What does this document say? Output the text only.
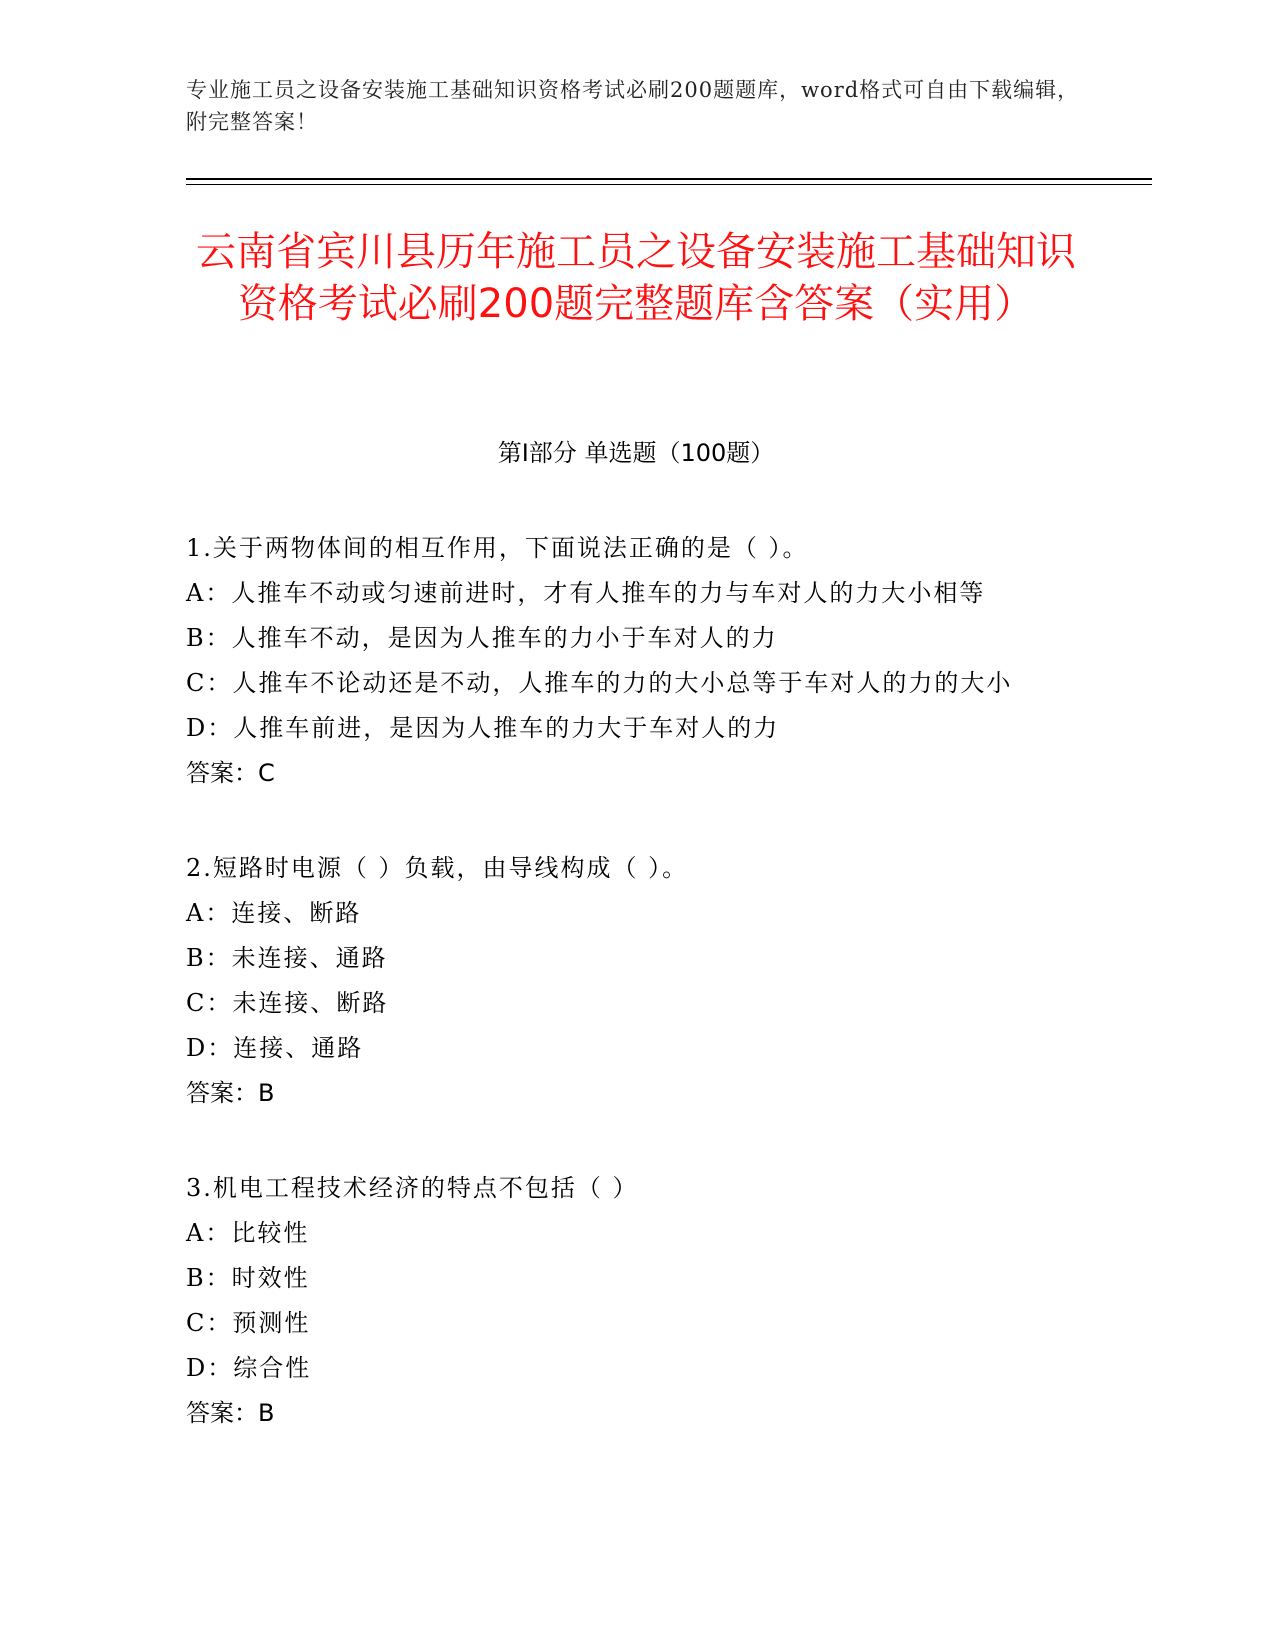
专业施工员之设备安装施工基础知识资格考试必刷200题题库，word格式可自由下载编辑，附完整答案！
云南省宾川县历年施工员之设备安装施工基础知识资格考试必刷200题完整题库含答案（实用）
第Ⅰ部分 单选题（100题）
1.关于两物体间的相互作用，下面说法正确的是（ ）。
A：人推车不动或匀速前进时，才有人推车的力与车对人的力大小相等
B：人推车不动，是因为人推车的力小于车对人的力
C：人推车不论动还是不动，人推车的力的大小总等于车对人的力的大小
D：人推车前进，是因为人推车的力大于车对人的力
答案：C
2.短路时电源（ ）负载，由导线构成（ ）。
A：连接、断路
B：未连接、通路
C：未连接、断路
D：连接、通路
答案：B
3.机电工程技术经济的特点不包括（ ）
A：比较性
B：时效性
C：预测性
D：综合性
答案：B
